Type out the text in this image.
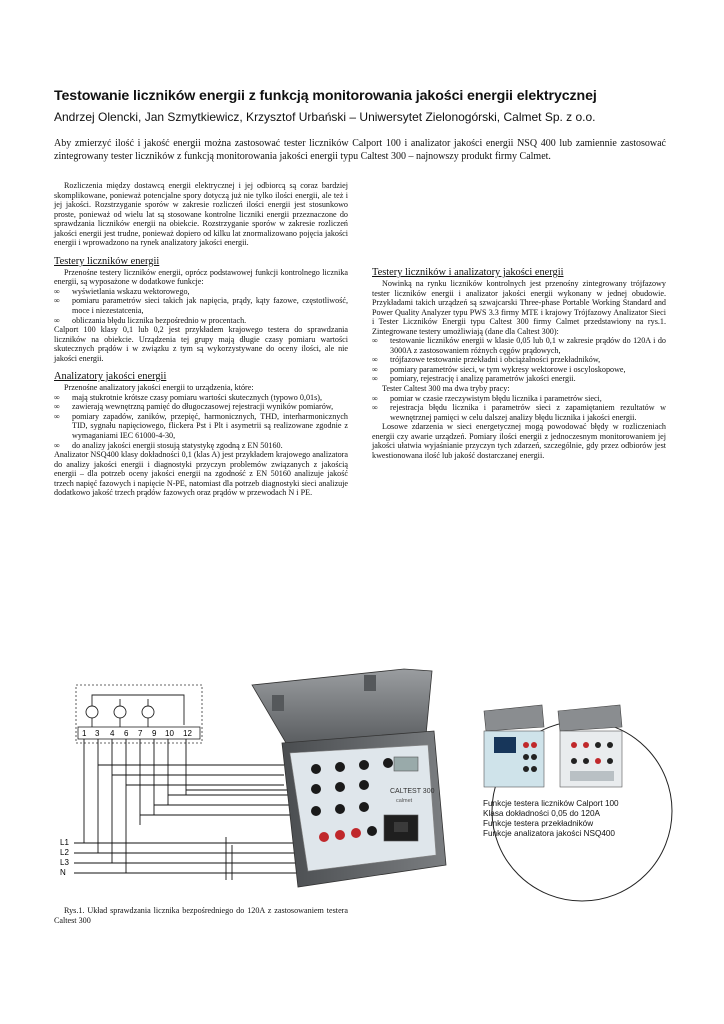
Testowanie liczników energii z funkcją monitorowania jakości energii elektrycznej
Andrzej Olencki, Jan Szmytkiewicz, Krzysztof Urbański – Uniwersytet Zielonogórski, Calmet Sp. z o.o.
Aby zmierzyć ilość i jakość energii można zastosować tester liczników Calport 100 i analizator jakości energii NSQ 400 lub zamiennie zastosować zintegrowany tester liczników z funkcją monitorowania jakości energii typu Caltest 300 – najnowszy produkt firmy Calmet.

Rozliczenia między dostawcą energii elektrycznej i jej odbiorcą są coraz bardziej skomplikowane, ponieważ potencjalne spory dotyczą już nie tylko ilości energii, ale też i jej jakości. Rozstrzyganie sporów w zakresie rozliczeń ilości energii jest stosunkowo proste, ponieważ od wielu lat są stosowane kontrolne liczniki energii przeznaczone do sprawdzania liczników energii na obiekcie. Rozstrzyganie sporów w zakresie rozliczeń jakości energii jest trudne, ponieważ dopiero od kilku lat znormalizowano pojęcia jakości energii i wprowadzono na rynek analizatory jakości energii.

Testery liczników energii

Przenośne testery liczników energii, oprócz podstawowej funkcji kontrolnego licznika energii, są wyposażone w dodatkowe funkcje:

∞ wyświetlania wskazu wektorowego,

∞ pomiaru parametrów sieci takich jak napięcia, prądy, kąty fazowe, częstotliwość, moce i niezestatcenia,

∞ obliczania błędu licznika bezpośrednio w procentach.

Calport 100 klasy 0,1 lub 0,2 jest przykładem krajowego testera do sprawdzania liczników na obiekcie. Urządzenia tej grupy mają długie czasy pomiaru wartości skutecznych prądów i w związku z tym są wykorzystywane do oceny ilości, ale nie jakości energii.

Analizatory jakości energii

Przenośne analizatory jakości energii to urządzenia, które:

∞ mają stukrotnie krótsze czasy pomiaru wartości skutecznych (typowo 0,01s),

∞ zawierają wewnętrzną pamięć do długoczasowej rejestracji wyników pomiarów,

∞ pomiary zapadów, zaników, przepięć, harmonicznych, THD, interharmonicznych TID, sygnału napięciowego, flickera Pst i Plt i asymetrii są realizowane zgodnie z wymaganiami IEC 61000-4-30,

∞ do analizy jakości energii stosują statystykę zgodną z EN 50160.

Analizator NSQ400 klasy dokładności 0,1 (klas A) jest przykładem krajowego analizatora do analizy jakości energii i diagnostyki przyczyn problemów związanych z jakością energii – dla potrzeb oceny jakości energii na zgodność z EN 50160 analizuje jakość trzech napięć fazowych i napięcie N-PE, natomiast dla potrzeb diagnostyki sieci analizuje dodatkowo jakość trzech prądów fazowych oraz prądów w przewodach N i PE.

Testery liczników i analizatory jakości energii

Nowinką na rynku liczników kontrolnych jest przenośny zintegrowany trójfazowy tester liczników energii i analizator jakości energii wykonany w jednej obudowie. Przykładami takich urządzeń są szwajcarski Three-phase Portable Working Standard and Power Quality Analyzer typu PWS 3.3 firmy MTE i krajowy Trójfazowy Analizator Sieci i Tester Liczników Energii typu Caltest 300 firmy Calmet przedstawiony na rys.1. Zintegrowane testery umożliwiają (dane dla Caltest 300):

∞ testowanie liczników energii w klasie 0,05 lub 0,1 w zakresie prądów do 120A i do 3000A z zastosowaniem różnych cęgów prądowych,

∞ trójfazowe testowanie przekładni i obciążalności przekładników,

∞ pomiary parametrów sieci, w tym wykresy wektorowe i oscyloskopowe,

∞ pomiary, rejestrację i analizę parametrów jakości energii.

Tester Caltest 300 ma dwa tryby pracy:

∞ pomiar w czasie rzeczywistym błędu licznika i parametrów sieci,

∞ rejestracja błędu licznika i parametrów sieci z zapamiętaniem rezultatów w wewnętrznej pamięci w celu dalszej analizy błędu licznika i jakości energii.

Losowe zdarzenia w sieci energetycznej mogą powodować błędy w rozliczeniach energii czy awarie urządzeń. Pomiary ilości energii z jednoczesnym monitorowaniem jej jakości ułatwia wyjaśnianie przyczyn tych zdarzeń, szczególnie, gdy przez odbiorów jest kwestionowana ilość lub jakość dostarczanej energii.

1 3 4 6 7 9 10 12
L1
L2
L3
N
CALTEST 300
calmet	Funkcje testera liczników Calport 100
Klasa dokładności 0,05 do 120A
Funkcje testera przekładników
Funkcje analizatora jakości NSQ400
Rys.1. Układ sprawdzania licznika bezpośredniego do 120A z zastosowaniem testera Caltest 300
